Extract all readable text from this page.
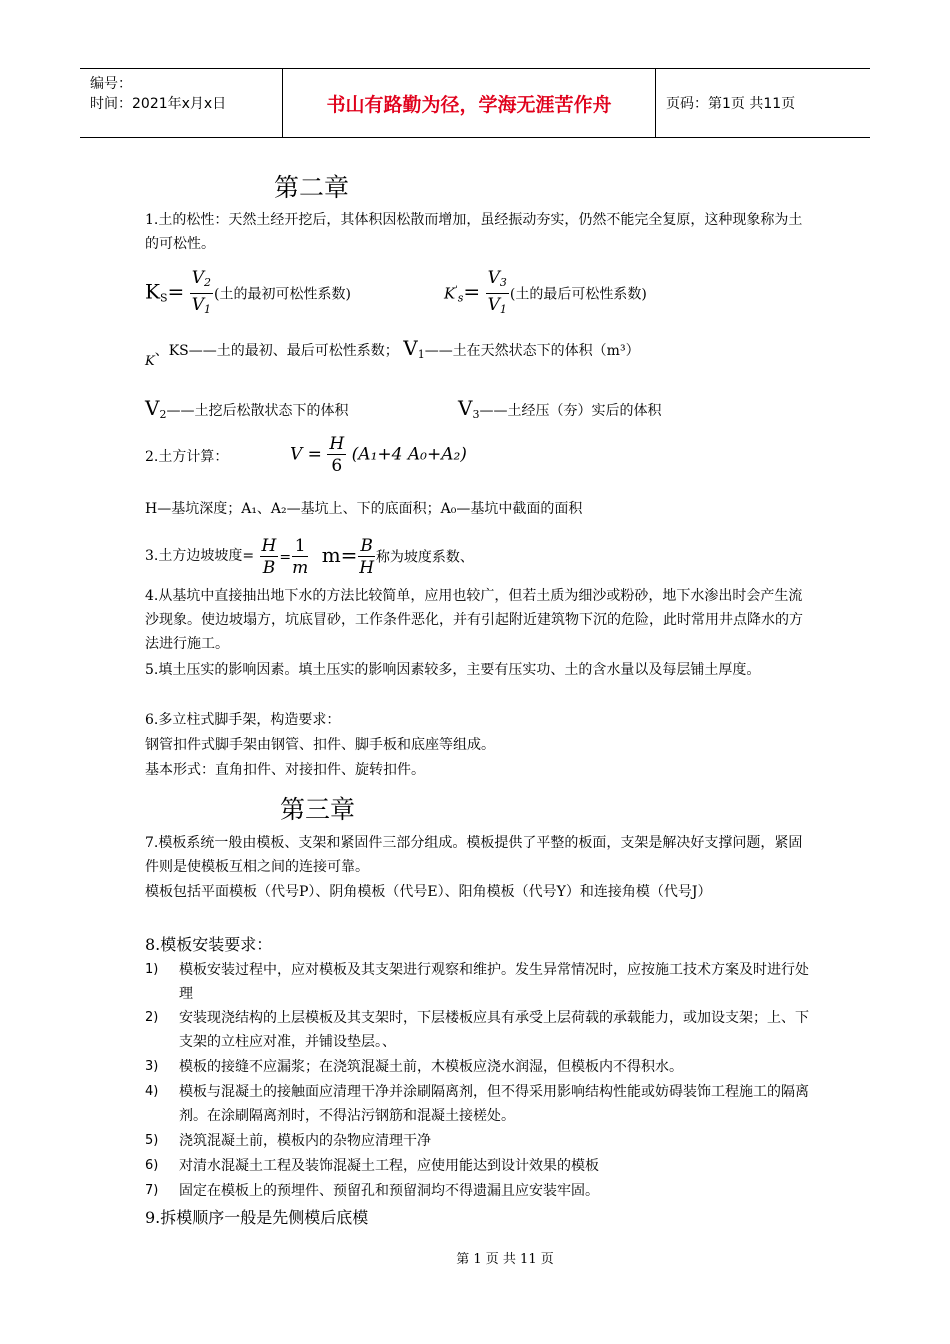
编号：
时间：2021年x月x日	书山有路勤为径，学海无涯苦作舟	页码：第1页 共11页
第二章
1.土的松性：天然土经开挖后，其体积因松散而增加，虽经振动夯实，仍然不能完全复原，这种现象称为土的可松性。
$K_S= \frac{V_2}{V_1}$ (土的最初可松性系数)	$K'_s= \frac{V_3}{V_1}$ (土的最后可松性系数)
K、KS——土的最初、最后可松性系数； $V_1——$土在天然状态下的体积（m³）
$V_2——$土挖后松散状态下的体积	$V_3——$土经压（夯）实后的体积
2.土方计算：	$V = \frac{H}{6} (A_1+4$ A₀+A₂)
H—基坑深度；A₁、A₂—基坑上、下的底面积；A₀—基坑中截面的面积
3.土方边坡坡度= $\frac{H}{B} = \frac{1}{m} m= \frac{B}{H}$ 称为坡度系数、
4.从基坑中直接抽出地下水的方法比较简单，应用也较广，但若土质为细沙或粉砂，地下水渗出时会产生流沙现象。使边坡塌方，坑底冒砂，工作条件恶化，并有引起附近建筑物下沉的危险，此时常用井点降水的方法进行施工。
5.填土压实的影响因素。填土压实的影响因素较多，主要有压实功、土的含水量以及每层铺土厚度。
6.多立柱式脚手架，构造要求：
钢管扣件式脚手架由钢管、扣件、脚手板和底座等组成。
基本形式：直角扣件、对接扣件、旋转扣件。
第三章
7.模板系统一般由模板、支架和紧固件三部分组成。模板提供了平整的板面，支架是解决好支撑问题，紧固件则是使模板互相之间的连接可靠。
模板包括平面模板（代号P）、阴角模板（代号E）、阳角模板（代号Y）和连接角模（代号J）
8.模板安装要求：
1) 模板安装过程中，应对模板及其支架进行观察和维护。发生异常情况时，应按施工技术方案及时进行处理
2) 安装现浇结构的上层模板及其支架时，下层楼板应具有承受上层荷载的承载能力，或加设支架；上、下支架的立柱应对准，并铺设垫层。、
3) 模板的接缝不应漏浆；在浇筑混凝土前，木模板应浇水润湿，但模板内不得积水。
4) 模板与混凝土的接触面应清理干净并涂刷隔离剂，但不得采用影响结构性能或妨碍装饰工程施工的隔离剂。在涂刷隔离剂时，不得沾污钢筋和混凝土接槎处。
5) 浇筑混凝土前，模板内的杂物应清理干净
6) 对清水混凝土工程及装饰混凝土工程，应使用能达到设计效果的模板
7) 固定在模板上的预埋件、预留孔和预留洞均不得遗漏且应安装牢固。
9.拆模顺序一般是先侧模后底模
第 1 页 共 11 页
